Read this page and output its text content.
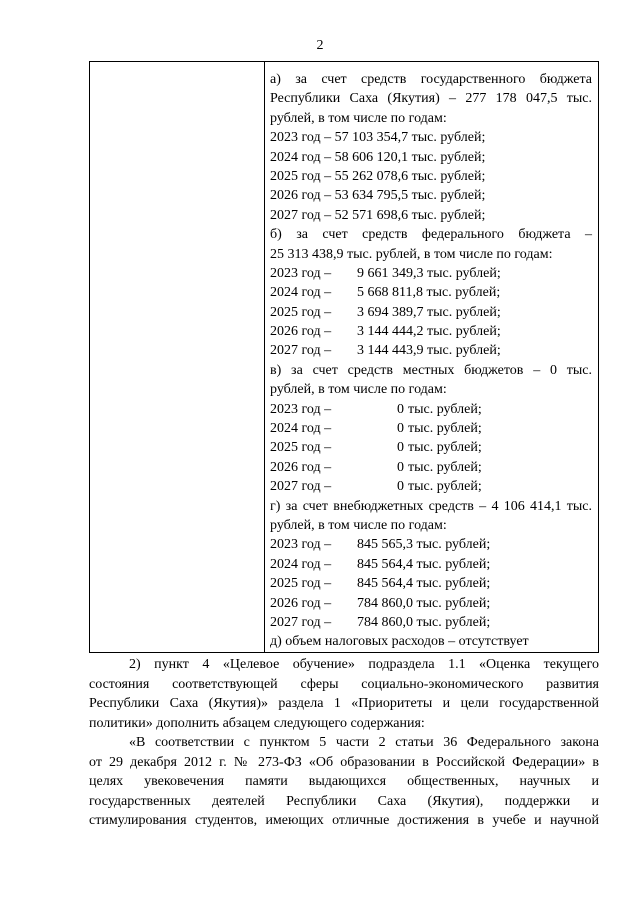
2
а) за счет средств государственного бюджета
Республики Саха (Якутия) – 277 178 047,5 тыс.
рублей, в том числе по годам:
2023 год – 57 103 354,7 тыс. рублей;
2024 год – 58 606 120,1 тыс. рублей;
2025 год – 55 262 078,6 тыс. рублей;
2026 год – 53 634 795,5 тыс. рублей;
2027 год – 52 571 698,6 тыс. рублей;
б) за счет средств федерального бюджета –
25 313 438,9 тыс. рублей, в том числе по годам:
2023 год – 9 661 349,3 тыс. рублей;
2024 год – 5 668 811,8 тыс. рублей;
2025 год – 3 694 389,7 тыс. рублей;
2026 год – 3 144 444,2 тыс. рублей;
2027 год – 3 144 443,9 тыс. рублей;
в) за счет средств местных бюджетов – 0 тыс.
рублей, в том числе по годам:
2023 год –	0 тыс. рублей;
2024 год –	0 тыс. рублей;
2025 год –	0 тыс. рублей;
2026 год –	0 тыс. рублей;
2027 год –	0 тыс. рублей;
г) за счет внебюджетных средств – 4 106 414,1 тыс.
рублей, в том числе по годам:
2023 год – 845 565,3 тыс. рублей;
2024 год – 845 564,4 тыс. рублей;
2025 год – 845 564,4 тыс. рублей;
2026 год – 784 860,0 тыс. рублей;
2027 год – 784 860,0 тыс. рублей;
д) объем налоговых расходов – отсутствует
2) пункт 4 «Целевое обучение» подраздела 1.1 «Оценка текущего
состояния соответствующей сферы социально-экономического развития
Республики Саха (Якутия)» раздела 1 «Приоритеты и цели государственной
политики» дополнить абзацем следующего содержания:
«В соответствии с пунктом 5 части 2 статьи 36 Федерального закона
от 29 декабря 2012 г. № 273-ФЗ «Об образовании в Российской Федерации» в
целях увековечения памяти выдающихся общественных, научных и
государственных деятелей Республики Саха (Якутия), поддержки и
стимулирования студентов, имеющих отличные достижения в учебе и научной
